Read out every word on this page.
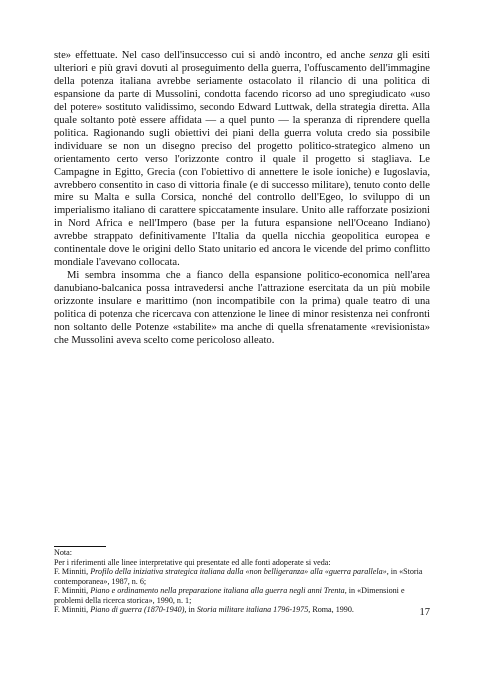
ste» effettuate. Nel caso dell'insuccesso cui si andò incontro, ed anche senza gli esiti ulteriori e più gravi dovuti al proseguimento della guerra, l'offuscamento dell'immagine della potenza italiana avrebbe seriamente ostacolato il rilancio di una politica di espansione da parte di Mussolini, condotta facendo ricorso ad uno spregiudicato «uso del potere» sostituto validissimo, secondo Edward Luttwak, della strategia diretta. Alla quale soltanto potè essere affidata — a quel punto — la speranza di riprendere quella politica. Ragionando sugli obiettivi dei piani della guerra voluta credo sia possibile individuare se non un disegno preciso del progetto politico-strategico almeno un orientamento certo verso l'orizzonte contro il quale il progetto si stagliava. Le Campagne in Egitto, Grecia (con l'obiettivo di annettere le isole ioniche) e Iugoslavia, avrebbero consentito in caso di vittoria finale (e di successo militare), tenuto conto delle mire su Malta e sulla Corsica, nonché del controllo dell'Egeo, lo sviluppo di un imperialismo italiano di carattere spiccatamente insulare. Unito alle rafforzate posizioni in Nord Africa e nell'Impero (base per la futura espansione nell'Oceano Indiano) avrebbe strappato definitivamente l'Italia da quella nicchia geopolitica europea e continentale dove le origini dello Stato unitario ed ancora le vicende del primo conflitto mondiale l'avevano collocata.

Mi sembra insomma che a fianco della espansione politico-economica nell'area danubiano-balcanica possa intravedersi anche l'attrazione esercitata da un più mobile orizzonte insulare e marittimo (non incompatibile con la prima) quale teatro di una politica di potenza che ricercava con attenzione le linee di minor resistenza nei confronti non soltanto delle Potenze «stabilite» ma anche di quella sfrenatamente «revisionista» che Mussolini aveva scelto come pericoloso alleato.

Nota:

Per i riferimenti alle linee interpretative qui presentate ed alle fonti adoperate si veda:

F. Minniti, Profilo della iniziativa strategica italiana dalla «non belligeranza» alla «guerra parallela», in «Storia contemporanea», 1987, n. 6;

F. Minniti, Piano e ordinamento nella preparazione italiana alla guerra negli anni Trenta, in «Dimensioni e problemi della ricerca storica», 1990, n. 1;

F. Minniti, Piano di guerra (1870-1940), in Storia militare italiana 1796-1975, Roma, 1990.	17
